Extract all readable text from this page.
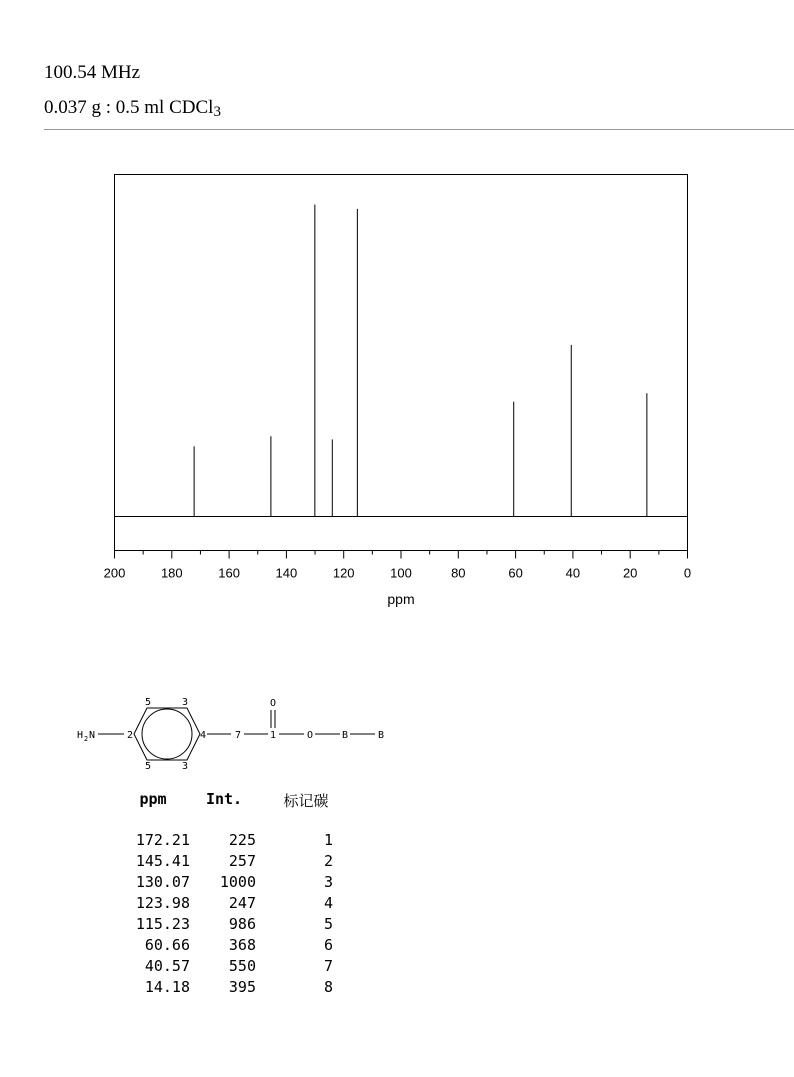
100.54 MHz
0.037 g : 0.5 ml CDCl$_3$
200	180	160	140	120	100	80	60	40	20	0
ppm
H 2 N	2
5	3
4
5	3
7	1
O
O	B	B
ppm	Int.	标记碳
172.21	225	1
145.41	257	2
130.07 1000	3
123.98	247	4
115.23	986	5
60.66	368	6
40.57	550	7
14.18	395	8
